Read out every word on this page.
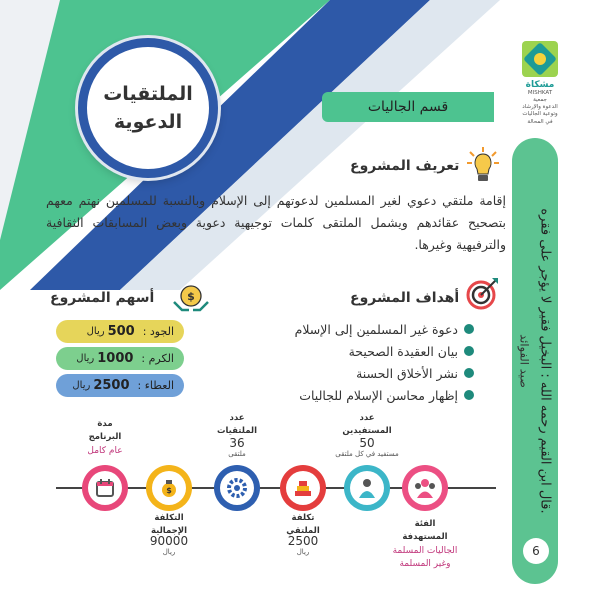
الملتقيات
الدعوية
مشكاة
MISHKAT
جمعية
الدعوة والإرشاد
وتوعية الجاليات
في المحالة
قسم الجاليات
قال ابن القيم رحمه الله : البخيل فقير لا يؤجر على فقره.
صيد الفوائد
6
تعريف المشروع
إقامة ملتقي دعوي لغير المسلمين لدعوتهم إلى الإسلام وبالنسبة للمسلمين نهتم معهم بتصحيح عقائدهم ويشمل الملتقى كلمات توجيهية دعوية وبعض المسابقات الثقافية والترفيهية وغيرها.
أهداف المشروع
دعوة غير المسلمين إلى الإسلام
بيان العقيدة الصحيحة
نشر الأخلاق الحسنة
إظهار محاسن الإسلام للجاليات
$
أسهم المشروع
الجود :
500
ريال
الكرم :
1000
ريال
العطاء :
2500
ريال
الفئة
المستهدفة
الجاليات المسلمة
وغير المسلمة
عدد
المستفيدين
50
مستفيد في كل ملتقى
تكلفة
الملتقي
2500
ريال
عدد
الملتقيات
36
ملتقى
$
التكلفة
الإجمالية
90000
ريال
مدة
البرنامج
عام كامل
